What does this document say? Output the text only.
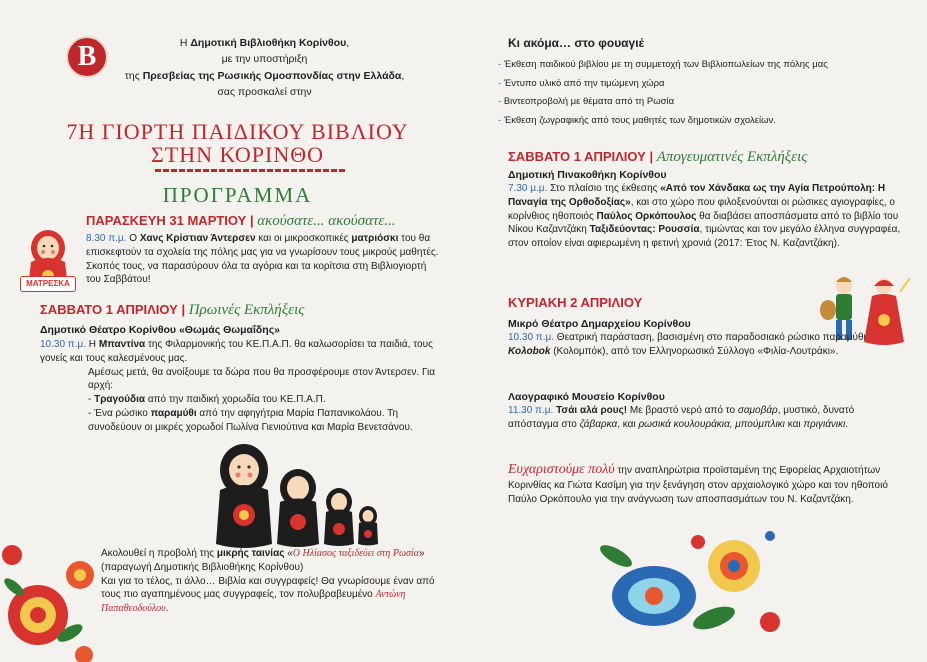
B	Η Δημοτική Βιβλιοθήκη Κορίνθου,

με την υποστήριξη

της Πρεσβείας της Ρωσικής Ομοσπονδίας στην Ελλάδα,

σας προσκαλεί στην

7Η ΓΙΟΡΤΗ ΠΑΙΔΙΚΟΥ ΒΙΒΛΙΟΥ
ΣΤΗΝ ΚΟΡΙΝΘΟ
ΠΡΟΓΡΑΜΜΑ
ΠΑΡΑΣΚΕΥΗ 31 ΜΑΡΤΙΟΥ | ακούσατε... ακούσατε...
ΜΑΤΡΕΣΚΑ
8.30 π.μ. Ο Χανς Κρίστιαν Άντερσεν και οι μικροσκοπικές ματριόσκι του θα επισκεφτούν τα σχολεία της πόλης μας για να γνωρίσουν τους μικρούς μαθητές. Σκοπός τους, να παρασύρουν όλα τα αγόρια και τα κορίτσια στη Βιβλιογιορτή του Σαββάτου!
ΣΑΒΒΑΤΟ 1 ΑΠΡΙΛΙΟΥ | Πρωινές Εκπλήξεις
Δημοτικό Θέατρο Κορίνθου «Θωμάς Θωμαΐδης»

10.30 π.μ. Η Μπαντίνα της Φιλαρμονικής του ΚΕ.Π.Α.Π. θα καλωσορίσει τα παιδιά, τους γονείς και τους καλεσμένους μας.

Αμέσως μετά, θα ανοίξουμε τα δώρα που θα προσφέρουμε στον Άντερσεν. Για αρχή:

- Τραγούδια από την παιδική χορωδία του ΚΕ.Π.Α.Π.

- Ένα ρώσικο παραμύθι από την αφηγήτρια Μαρία Παπανικολάου. Τη συνοδεύουν οι μικρές χορωδοί Πωλίνα Γιενιούτινα και Μαρία Βενετσάνου.

Ακολουθεί η προβολή της μικρής ταινίας «Ο Ηλίασος ταξιδεύει στη Ρωσία» (παραγωγή Δημοτικής Βιβλιοθήκης Κορίνθου)

Και για το τέλος, τι άλλο… Βιβλία και συγγραφείς! Θα γνωρίσουμε έναν από τους πιο αγαπημένους μας συγγραφείς, τον πολυβραβευμένο Αντώνη Παπαθεοδούλου.

Κι ακόμα… στο φουαγιέ
- Έκθεση παιδικού βιβλίου με τη συμμετοχή των Βιβλιοπωλείων της πόλης μας
- Έντυπο υλικό από την τιμώμενη χώρα
- Βιντεοπροβολή με θέματα από τη Ρωσία
- Έκθεση ζωγραφικής από τους μαθητές των δημοτικών σχολείων.
ΣΑΒΒΑΤΟ 1 ΑΠΡΙΛΙΟΥ | Απογευματινές Εκπλήξεις
Δημοτική Πινακοθήκη Κορίνθου
7.30 μ.μ. Στο πλαίσιο της έκθεσης «Από τον Χάνδακα ως την Αγία Πετρούπολη: Η Παναγία της Ορθοδοξίας», και στο χώρο που φιλοξενούνται οι ρώσικες αγιογραφίες, ο κορίνθιος ηθοποιός Παύλος Ορκόπουλος θα διαβάσει αποσπάσματα από το βιβλίο του Νίκου Καζαντζάκη Ταξιδεύοντας: Ρουσσία, τιμώντας και τον μεγάλο έλληνα συγγραφέα, στον οποίον είναι αφιερωμένη η φετινή χρονιά (2017: Έτος Ν. Καζαντζάκη).
ΚΥΡΙΑΚΗ 2 ΑΠΡΙΛΙΟΥ
Μικρό Θέατρο Δημαρχείου Κορίνθου
10.30 π.μ. Θεατρική παράσταση, βασισμένη στο παραδοσιακό ρώσικο παραμύθι Κολοbok (Κολομπόκ), από τον Ελληνορωσικό Σύλλογο «Φιλία-Λουτράκι».
Λαογραφικό Μουσείο Κορίνθου
11.30 π.μ. Τσάι αλά ρους! Με βραστό νερό από το σαμοβάρ, μυστικό, δυνατό απόσταγμα στο ζάβαρκα, και ρωσικά κουλουράκια, μπούμπλικι και πριγιάνικι.
Ευχαριστούμε πολύ την αναπληρώτρια προϊσταμένη της Εφορείας Αρχαιοτήτων Κορινθίας κα Γιώτα Κασίμη για την ξενάγηση στον αρχαιολογικό χώρο και τον ηθοποιό Παύλο Ορκόπουλο για την ανάγνωση των αποσπασμάτων του Ν. Καζαντζάκη.
